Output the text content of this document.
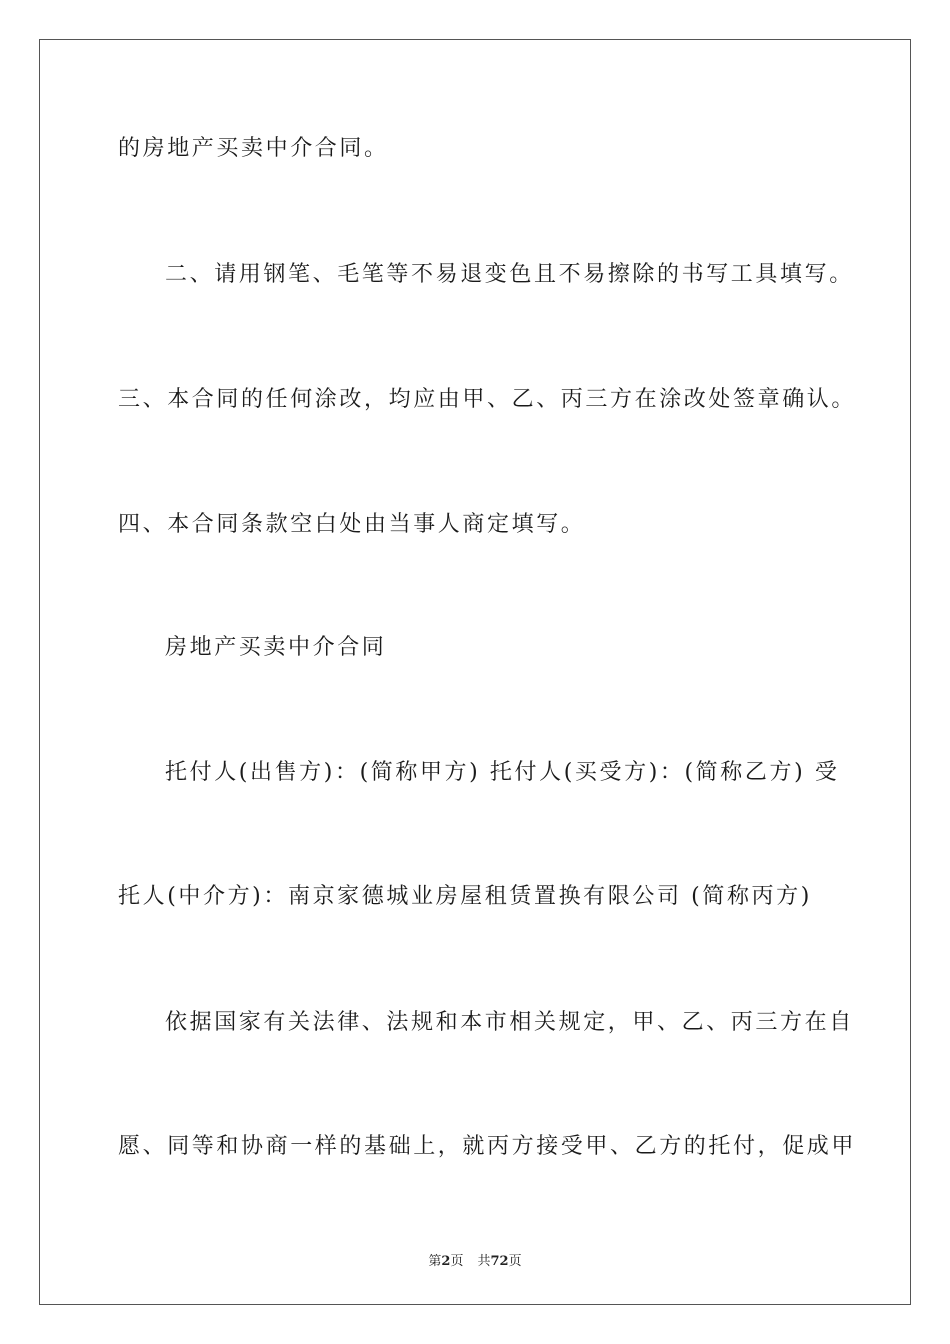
的房地产买卖中介合同。
二、请用钢笔、毛笔等不易退变色且不易擦除的书写工具填写。
三、本合同的任何涂改，均应由甲、乙、丙三方在涂改处签章确认。
四、本合同条款空白处由当事人商定填写。
房地产买卖中介合同
托付人(出售方)：(简称甲方) 托付人(买受方)：(简称乙方) 受
托人(中介方)：南京家德城业房屋租赁置换有限公司 (简称丙方)
依据国家有关法律、法规和本市相关规定，甲、乙、丙三方在自
愿、同等和协商一样的基础上，就丙方接受甲、乙方的托付，促成甲
第2页 共72页
